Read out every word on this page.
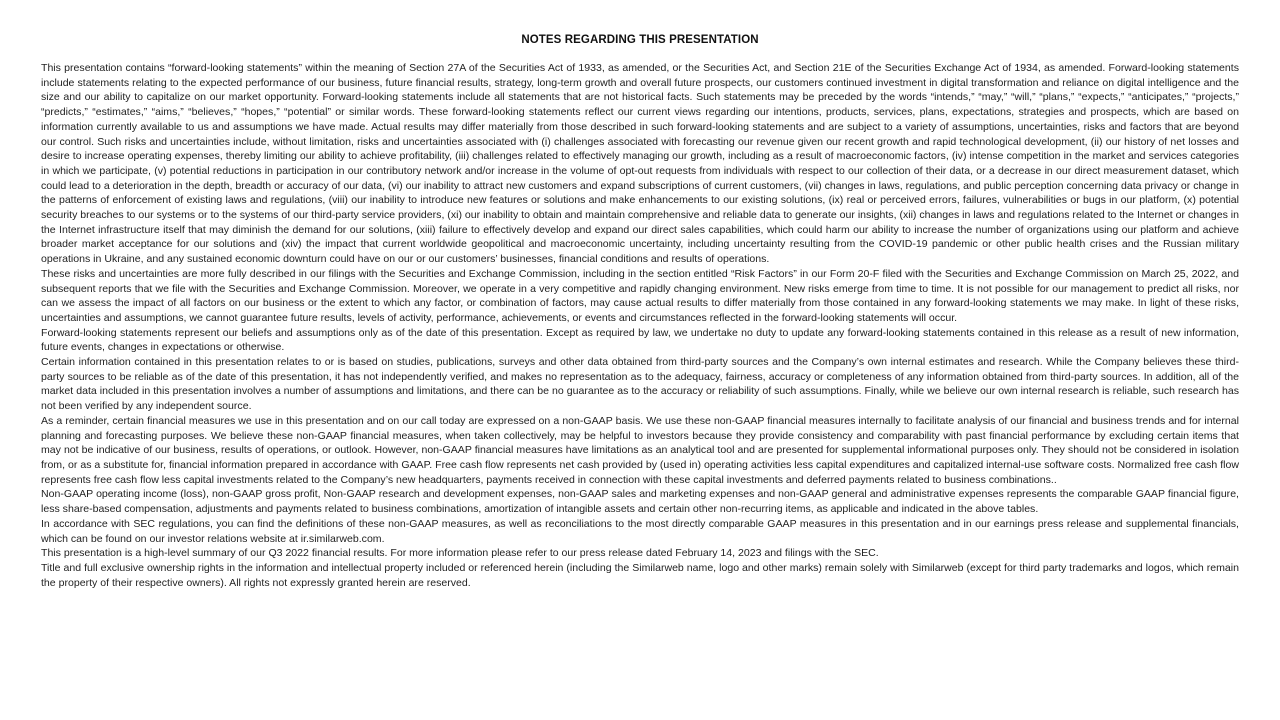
NOTES REGARDING THIS PRESENTATION

This presentation contains “forward-looking statements” within the meaning of Section 27A of the Securities Act of 1933, as amended, or the Securities Act, and Section 21E of the Securities Exchange Act of 1934, as amended. Forward-looking statements include statements relating to the expected performance of our business, future financial results, strategy, long-term growth and overall future prospects, our customers continued investment in digital transformation and reliance on digital intelligence and the size and our ability to capitalize on our market opportunity. Forward-looking statements include all statements that are not historical facts. Such statements may be preceded by the words “intends,” “may,” “will,” “plans,” “expects,” “anticipates,” “projects,” “predicts,” “estimates,” “aims,” “believes,” “hopes,” “potential” or similar words. These forward-looking statements reflect our current views regarding our intentions, products, services, plans, expectations, strategies and prospects, which are based on information currently available to us and assumptions we have made. Actual results may differ materially from those described in such forward-looking statements and are subject to a variety of assumptions, uncertainties, risks and factors that are beyond our control. Such risks and uncertainties include, without limitation, risks and uncertainties associated with (i) challenges associated with forecasting our revenue given our recent growth and rapid technological development, (ii) our history of net losses and desire to increase operating expenses, thereby limiting our ability to achieve profitability, (iii) challenges related to effectively managing our growth, including as a result of macroeconomic factors, (iv) intense competition in the market and services categories in which we participate, (v) potential reductions in participation in our contributory network and/or increase in the volume of opt-out requests from individuals with respect to our collection of their data, or a decrease in our direct measurement dataset, which could lead to a deterioration in the depth, breadth or accuracy of our data, (vi) our inability to attract new customers and expand subscriptions of current customers, (vii) changes in laws, regulations, and public perception concerning data privacy or change in the patterns of enforcement of existing laws and regulations, (viii) our inability to introduce new features or solutions and make enhancements to our existing solutions, (ix) real or perceived errors, failures, vulnerabilities or bugs in our platform, (x) potential security breaches to our systems or to the systems of our third-party service providers, (xi) our inability to obtain and maintain comprehensive and reliable data to generate our insights, (xii) changes in laws and regulations related to the Internet or changes in the Internet infrastructure itself that may diminish the demand for our solutions, (xiii) failure to effectively develop and expand our direct sales capabilities, which could harm our ability to increase the number of organizations using our platform and achieve broader market acceptance for our solutions and (xiv) the impact that current worldwide geopolitical and macroeconomic uncertainty, including uncertainty resulting from the COVID-19 pandemic or other public health crises and the Russian military operations in Ukraine, and any sustained economic downturn could have on our or our customers’ businesses, financial conditions and results of operations.

These risks and uncertainties are more fully described in our filings with the Securities and Exchange Commission, including in the section entitled “Risk Factors” in our Form 20-F filed with the Securities and Exchange Commission on March 25, 2022, and subsequent reports that we file with the Securities and Exchange Commission. Moreover, we operate in a very competitive and rapidly changing environment. New risks emerge from time to time. It is not possible for our management to predict all risks, nor can we assess the impact of all factors on our business or the extent to which any factor, or combination of factors, may cause actual results to differ materially from those contained in any forward-looking statements we may make. In light of these risks, uncertainties and assumptions, we cannot guarantee future results, levels of activity, performance, achievements, or events and circumstances reflected in the forward-looking statements will occur.

Forward-looking statements represent our beliefs and assumptions only as of the date of this presentation. Except as required by law, we undertake no duty to update any forward-looking statements contained in this release as a result of new information, future events, changes in expectations or otherwise.

Certain information contained in this presentation relates to or is based on studies, publications, surveys and other data obtained from third-party sources and the Company’s own internal estimates and research. While the Company believes these third-party sources to be reliable as of the date of this presentation, it has not independently verified, and makes no representation as to the adequacy, fairness, accuracy or completeness of any information obtained from third-party sources. In addition, all of the market data included in this presentation involves a number of assumptions and limitations, and there can be no guarantee as to the accuracy or reliability of such assumptions. Finally, while we believe our own internal research is reliable, such research has not been verified by any independent source.

As a reminder, certain financial measures we use in this presentation and on our call today are expressed on a non-GAAP basis. We use these non-GAAP financial measures internally to facilitate analysis of our financial and business trends and for internal planning and forecasting purposes. We believe these non-GAAP financial measures, when taken collectively, may be helpful to investors because they provide consistency and comparability with past financial performance by excluding certain items that may not be indicative of our business, results of operations, or outlook. However, non-GAAP financial measures have limitations as an analytical tool and are presented for supplemental informational purposes only. They should not be considered in isolation from, or as a substitute for, financial information prepared in accordance with GAAP. Free cash flow represents net cash provided by (used in) operating activities less capital expenditures and capitalized internal-use software costs. Normalized free cash flow represents free cash flow less capital investments related to the Company’s new headquarters, payments received in connection with these capital investments and deferred payments related to business combinations..

Non-GAAP operating income (loss), non-GAAP gross profit, Non-GAAP research and development expenses, non-GAAP sales and marketing expenses and non-GAAP general and administrative expenses represents the comparable GAAP financial figure, less share-based compensation, adjustments and payments related to business combinations, amortization of intangible assets and certain other non-recurring items, as applicable and indicated in the above tables.

In accordance with SEC regulations, you can find the definitions of these non-GAAP measures, as well as reconciliations to the most directly comparable GAAP measures in this presentation and in our earnings press release and supplemental financials, which can be found on our investor relations website at ir.similarweb.com.

This presentation is a high-level summary of our Q3 2022 financial results. For more information please refer to our press release dated February 14, 2023 and filings with the SEC.

Title and full exclusive ownership rights in the information and intellectual property included or referenced herein (including the Similarweb name, logo and other marks) remain solely with Similarweb (except for third party trademarks and logos, which remain the property of their respective owners). All rights not expressly granted herein are reserved.
